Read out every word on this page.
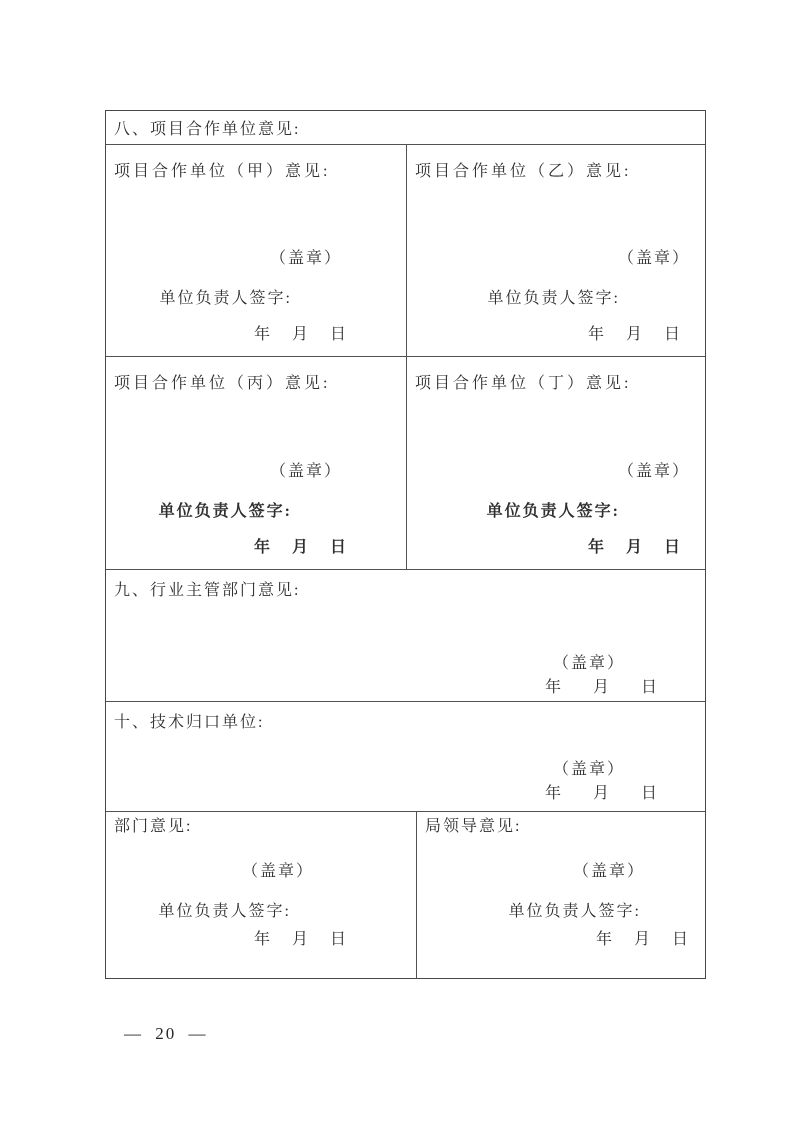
八、项目合作单位意见:
项目合作单位（甲）意见:
（盖章）
单位负责人签字:
年 月 日
项目合作单位（乙）意见:
（盖章）
单位负责人签字:
年 月 日
项目合作单位（丙）意见:
（盖章）
单位负责人签字:
年 月 日
项目合作单位（丁）意见:
（盖章）
单位负责人签字:
年 月 日
九、行业主管部门意见:
（盖章）
年 月 日
十、技术归口单位:
（盖章）
年 月 日
部门意见:
（盖章）
单位负责人签字:
年 月 日
局领导意见:
（盖章）
单位负责人签字:
年 月 日
— 20 —
